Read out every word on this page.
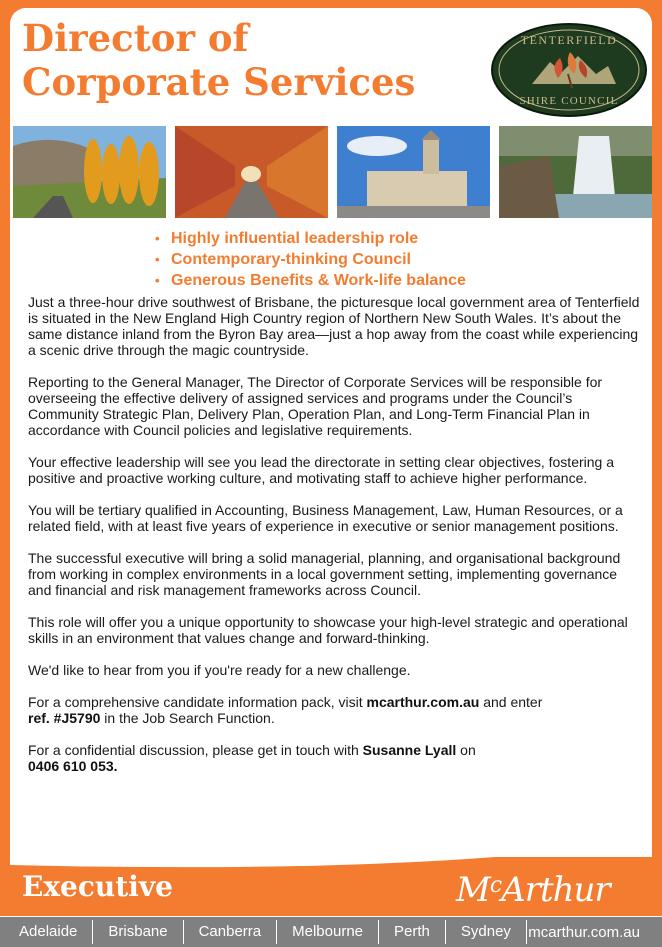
Director of
Corporate Services
TENTERFIELD
SHIRE COUNCIL
• Highly influential leadership role
• Contemporary-thinking Council
• Generous Benefits & Work-life balance

Just a three-hour drive southwest of Brisbane, the picturesque local government area of Tenterfield is situated in the New England High Country region of Northern New South Wales. It’s about the same distance inland from the Byron Bay area—just a hop away from the coast while experiencing a scenic drive through the magic countryside.

Reporting to the General Manager, The Director of Corporate Services will be responsible for overseeing the effective delivery of assigned services and programs under the Council’s Community Strategic Plan, Delivery Plan, Operation Plan, and Long-Term Financial Plan in accordance with Council policies and legislative requirements.

Your effective leadership will see you lead the directorate in setting clear objectives, fostering a positive and proactive working culture, and motivating staff to achieve higher performance.

You will be tertiary qualified in Accounting, Business Management, Law, Human Resources, or a related field, with at least five years of experience in executive or senior management positions.

The successful executive will bring a solid managerial, planning, and organisational background from working in complex environments in a local government setting, implementing governance and financial and risk management frameworks across Council.

This role will offer you a unique opportunity to showcase your high-level strategic and operational skills in an environment that values change and forward-thinking.

We'd like to hear from you if you're ready for a new challenge.

For a comprehensive candidate information pack, visit mcarthur.com.au and enter
ref. #J5790 in the Job Search Function.

For a confidential discussion, please get in touch with Susanne Lyall on
0406 610 053.

Executive	$M^cArthur$
Adelaide	Brisbane	Canberra	Melbourne	Perth	Sydney	mcarthur.com.au
